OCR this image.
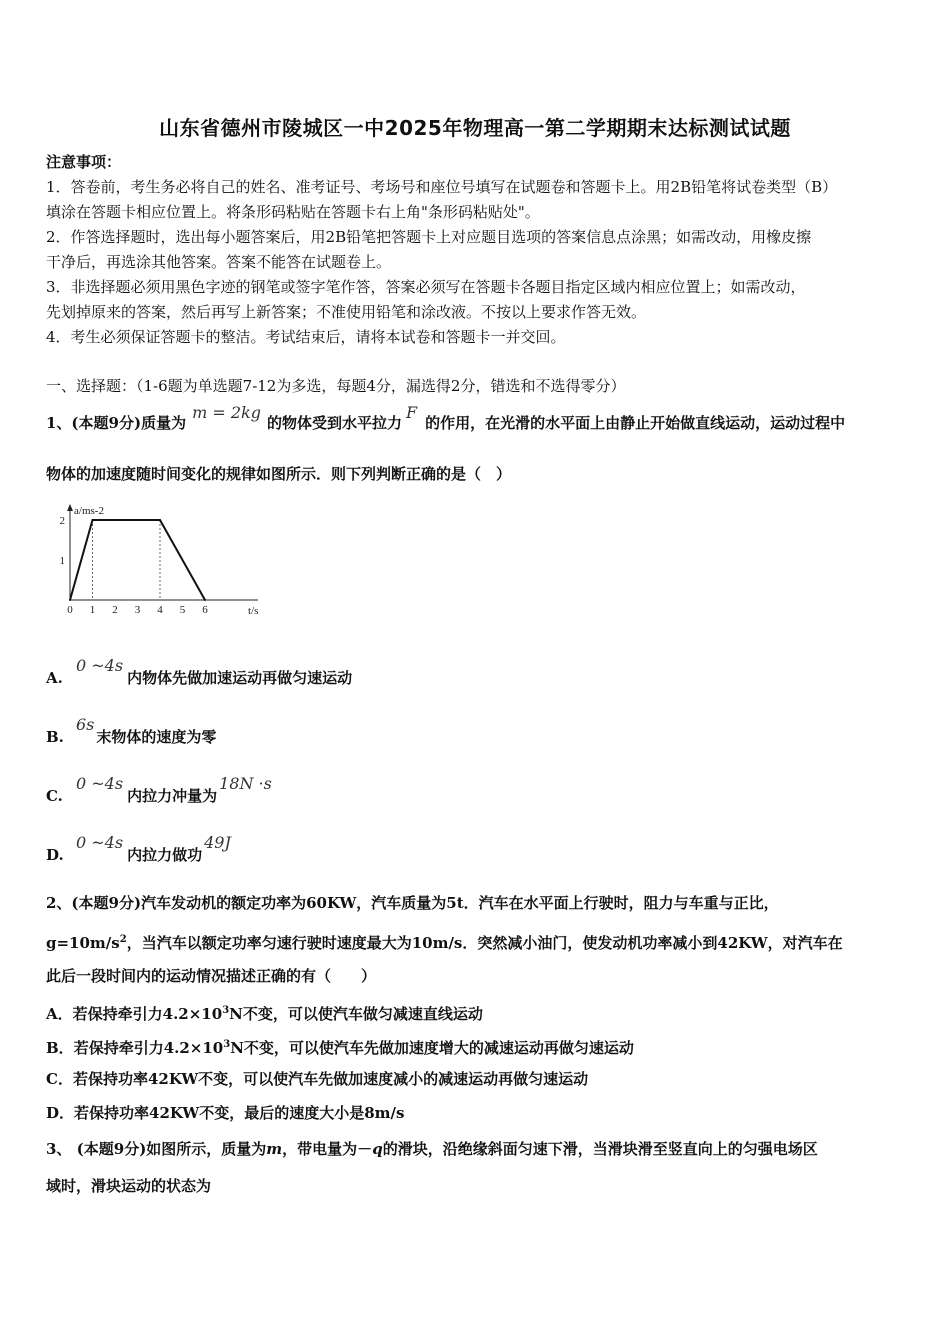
山东省德州市陵城区一中2025年物理高一第二学期期末达标测试试题
注意事项：
1．答卷前，考生务必将自己的姓名、准考证号、考场号和座位号填写在试题卷和答题卡上。用2B铅笔将试卷类型（B）
填涂在答题卡相应位置上。将条形码粘贴在答题卡右上角"条形码粘贴处"。
2．作答选择题时，选出每小题答案后，用2B铅笔把答题卡上对应题目选项的答案信息点涂黑；如需改动，用橡皮擦
干净后，再选涂其他答案。答案不能答在试题卷上。
3．非选择题必须用黑色字迹的钢笔或签字笔作答，答案必须写在答题卡各题目指定区域内相应位置上；如需改动，
先划掉原来的答案，然后再写上新答案；不准使用铅笔和涂改液。不按以上要求作答无效。
4．考生必须保证答题卡的整洁。考试结束后，请将本试卷和答题卡一并交回。
一、选择题：（1-6题为单选题7-12为多选，每题4分，漏选得2分，错选和不选得零分）
1、(本题9分)质量为m = 2kg的物体受到水平拉力F的作用，在光滑的水平面上由静止开始做直线运动，运动过程中
物体的加速度随时间变化的规律如图所示．则下列判断正确的是（　）
0 1 2 3 4 5 6
1
2
t/s
a/ms-2
A.0 ~4s内物体先做加速运动再做匀速运动
B.6s末物体的速度为零
C.0 ~4s内拉力冲量为18N ·s
D.0 ~4s内拉力做功49J
2、(本题9分)汽车发动机的额定功率为60KW，汽车质量为5t．汽车在水平面上行驶时，阻力与车重与正比，
$g=10m/s^2$，当汽车以额定功率匀速行驶时速度最大为10m/s．突然减小油门，使发动机功率减小到42KW，对汽车在
此后一段时间内的运动情况描述正确的有（　　）
A．若保持牵引力$4.2\times 10^3N$不变，可以使汽车做匀减速直线运动
B．若保持牵引力$4.2\times 10^3N$不变，可以使汽车先做加速度增大的减速运动再做匀速运动
C．若保持功率42KW不变，可以使汽车先做加速度减小的减速运动再做匀速运动
D．若保持功率42KW不变，最后的速度大小是8m/s
3、 (本题9分)如图所示，质量为m，带电量为－q的滑块，沿绝缘斜面匀速下滑，当滑块滑至竖直向上的匀强电场区
域时，滑块运动的状态为
